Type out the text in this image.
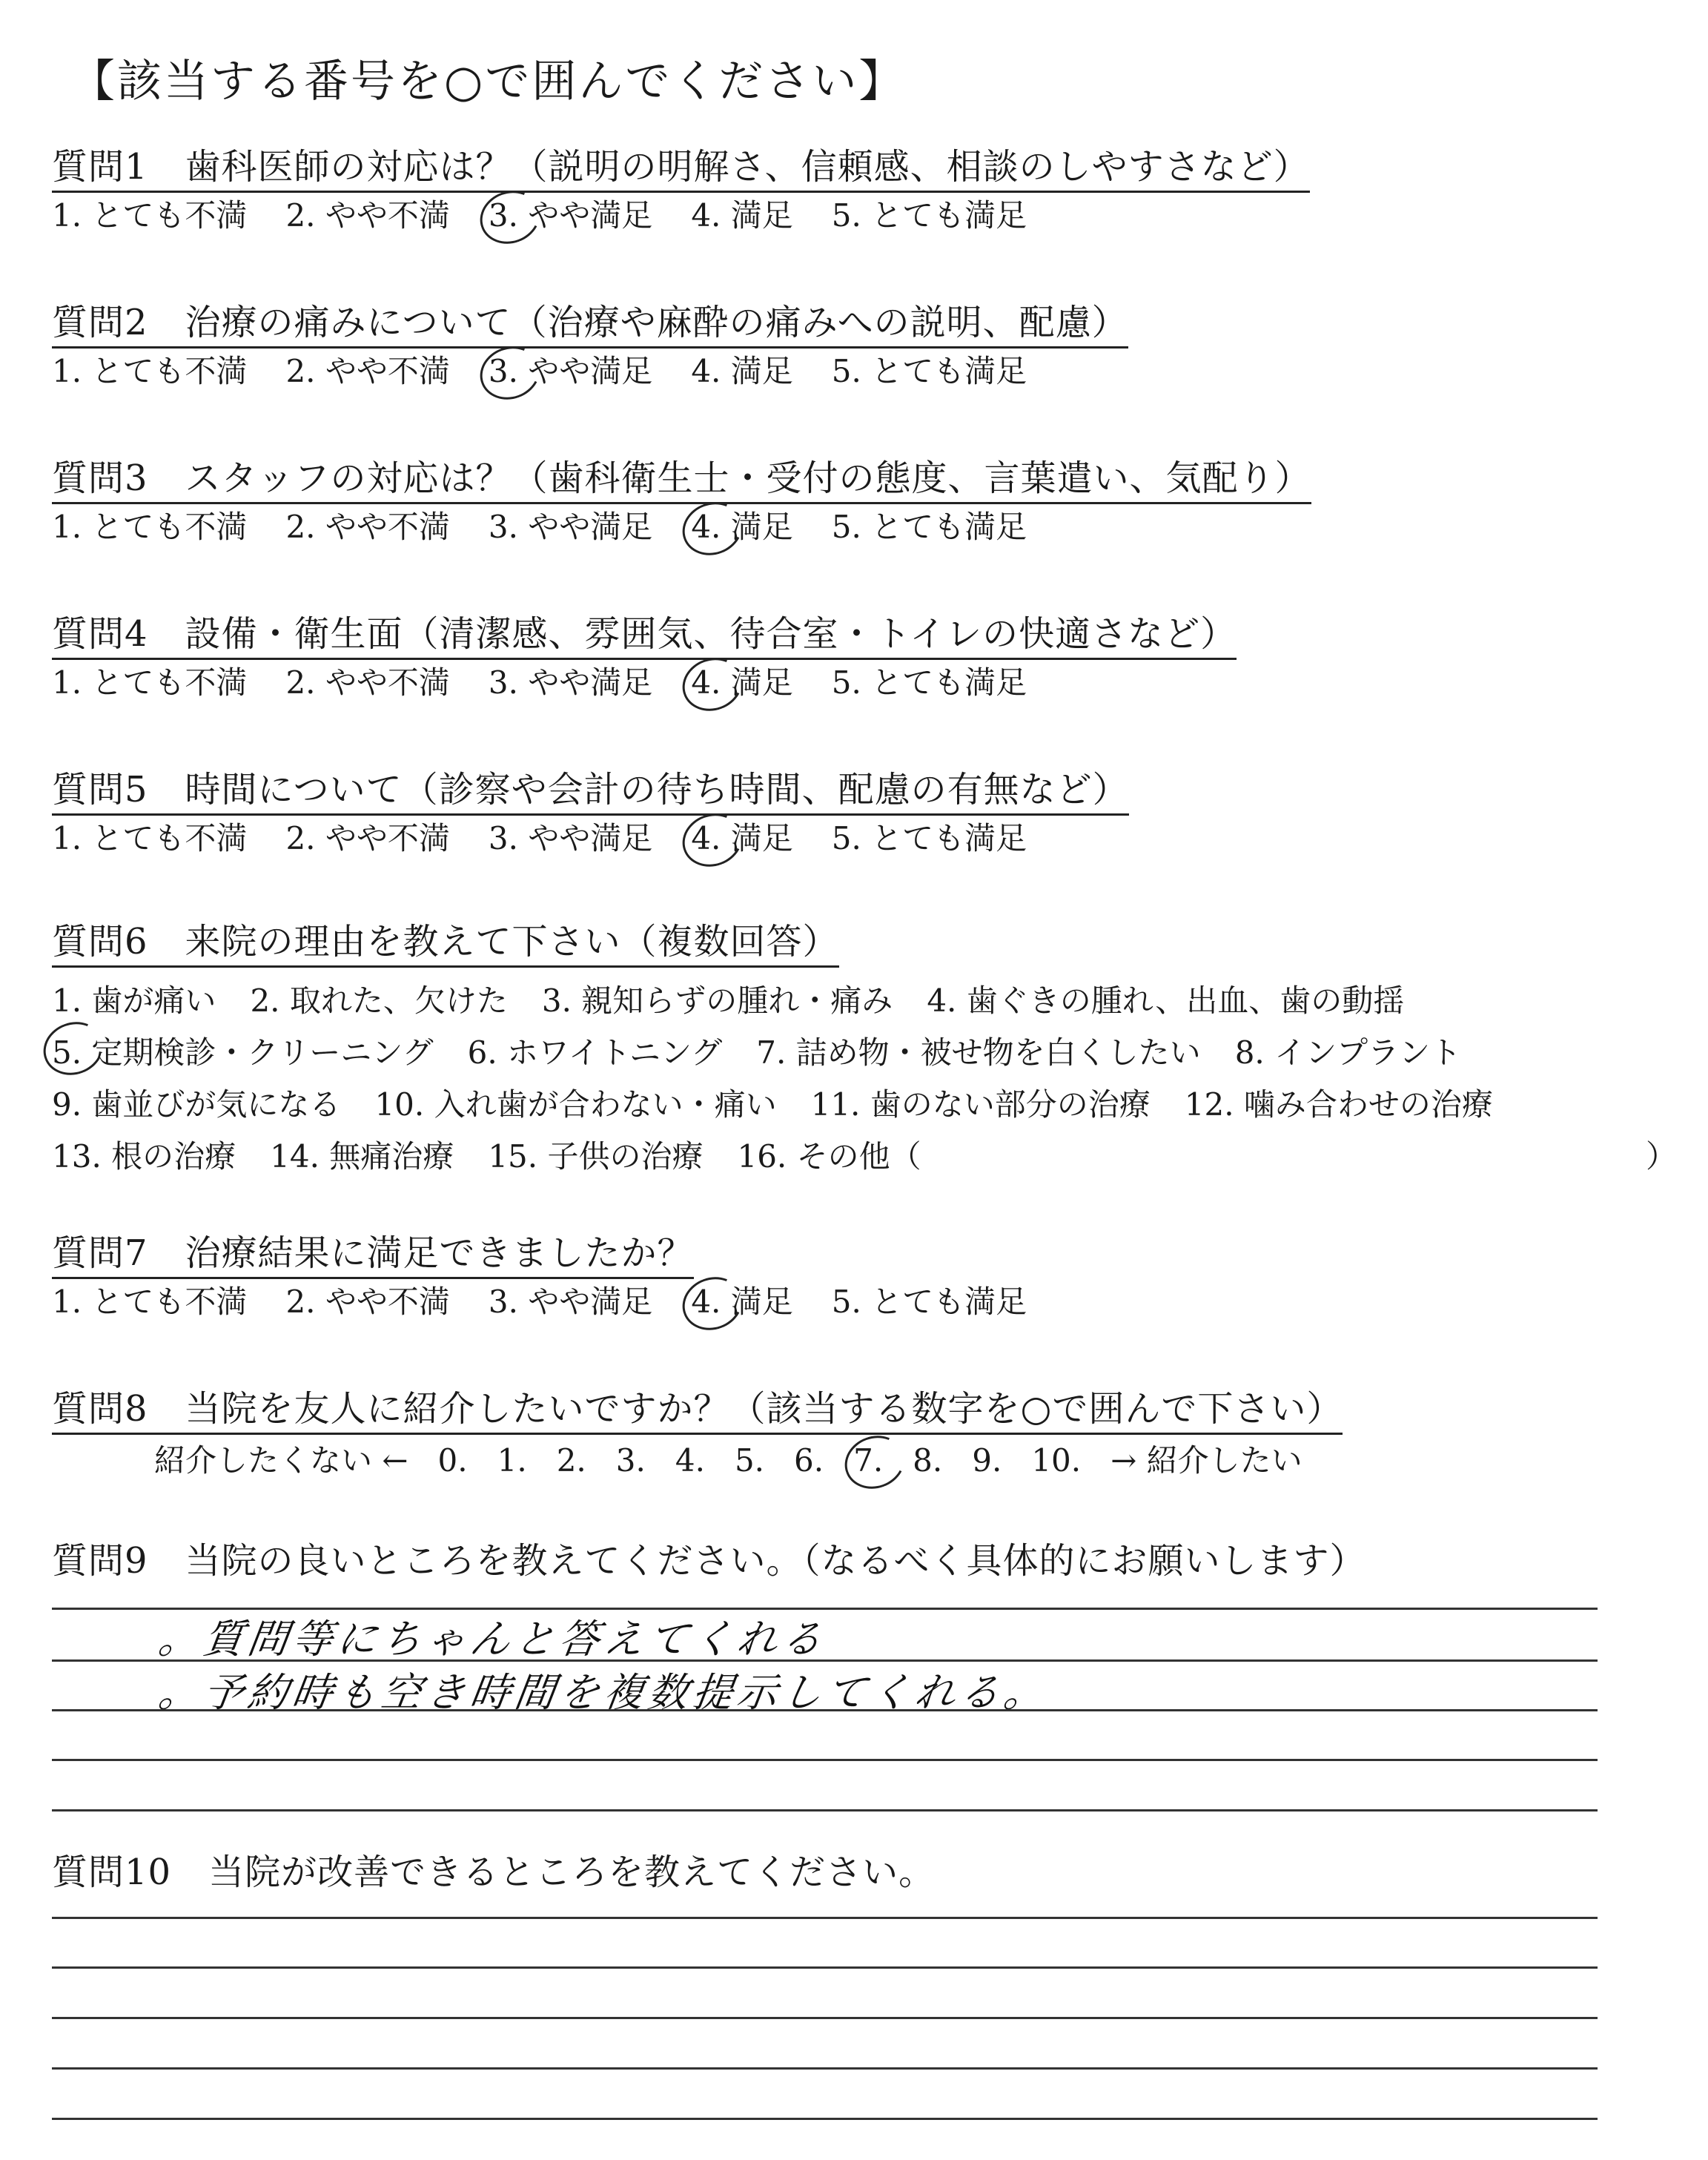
【該当する番号を○で囲んでください】
質問1 歯科医師の対応は？（説明の明解さ、信頼感、相談のしやすさなど）
1. とても不満 2. やや不満 3. やや満足 4. 満足 5. とても満足
質問2 治療の痛みについて（治療や麻酔の痛みへの説明、配慮）
1. とても不満 2. やや不満 3. やや満足 4. 満足 5. とても満足
質問3 スタッフの対応は？（歯科衛生士・受付の態度、言葉遣い、気配り）
1. とても不満 2. やや不満 3. やや満足 4. 満足 5. とても満足
質問4 設備・衛生面（清潔感、雰囲気、待合室・トイレの快適さなど）
1. とても不満 2. やや不満 3. やや満足 4. 満足 5. とても満足
質問5 時間について（診察や会計の待ち時間、配慮の有無など）
1. とても不満 2. やや不満 3. やや満足 4. 満足 5. とても満足
質問6 来院の理由を教えて下さい（複数回答）
1. 歯が痛い 2. 取れた、欠けた 3. 親知らずの腫れ・痛み 4. 歯ぐきの腫れ、出血、歯の動揺
5. 定期検診・クリーニング 6. ホワイトニング 7. 詰め物・被せ物を白くしたい 8. インプラント
9. 歯並びが気になる 10. 入れ歯が合わない・痛い 11. 歯のない部分の治療 12. 噛み合わせの治療
13. 根の治療 14. 無痛治療 15. 子供の治療 16. その他（	）
質問7 治療結果に満足できましたか？
1. とても不満 2. やや不満 3. やや満足 4. 満足 5. とても満足
質問8 当院を友人に紹介したいですか？（該当する数字を○で囲んで下さい）
紹介したくない ← 0. 1. 2. 3. 4. 5. 6. 7. 8. 9. 10. → 紹介したい
質問9 当院の良いところを教えてください。（なるべく具体的にお願いします）
。質問等にちゃんと答えてくれる
。予約時も空き時間を複数提示してくれる。
質問10 当院が改善できるところを教えてください。
